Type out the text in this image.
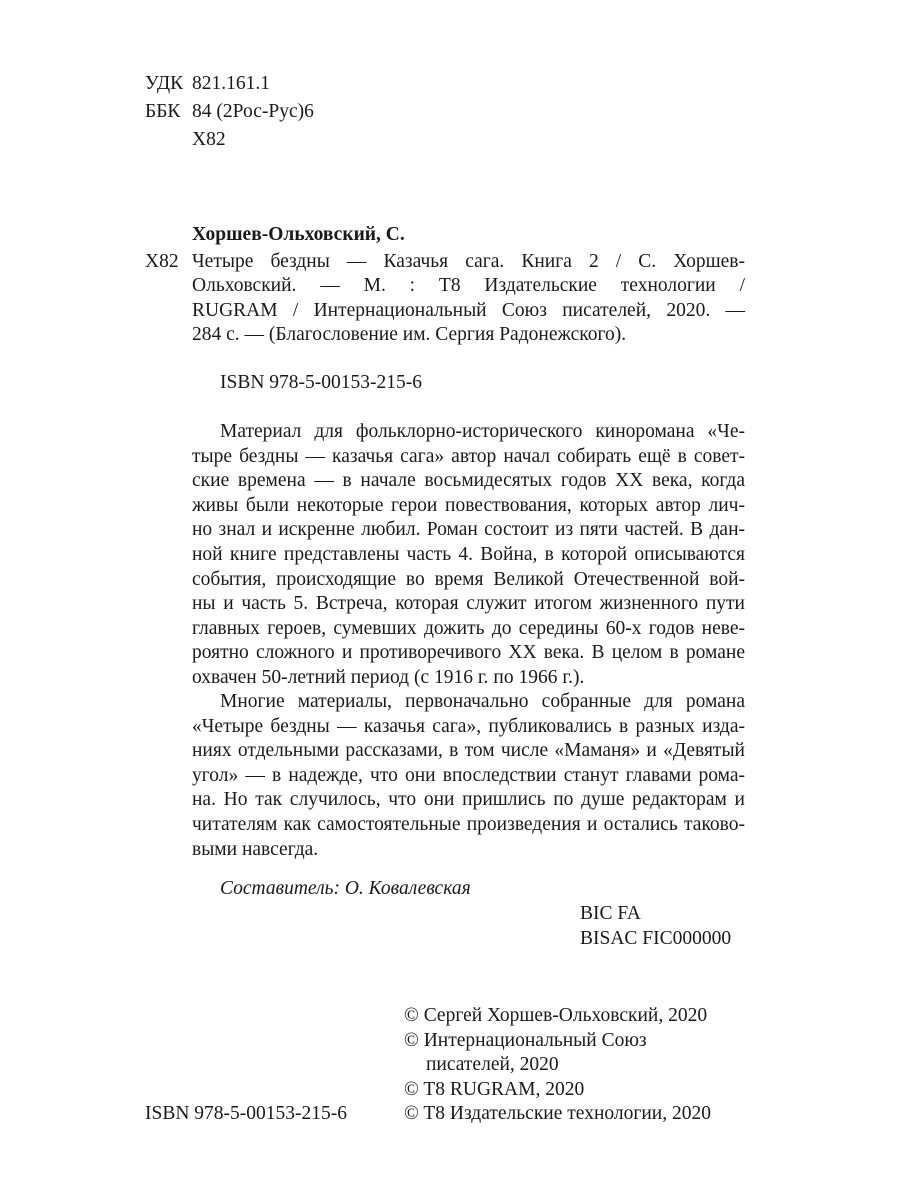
УДК 821.161.1
ББК 84 (2Рос-Рус)6
Х82
Хоршев-Ольховский, С.
Х82 Четыре бездны — Казачья сага. Книга 2 / С. Хоршев-
Ольховский. — М. : T8 Издательские технологии /
RUGRAM / Интернациональный Союз писателей, 2020. —
284 с. — (Благословение им. Сергия Радонежского).
ISBN 978-5-00153-215-6
Материал для фольклорно-исторического кинороманa «Че-
тыре бездны — казачья сага» автор начал собирать ещё в совет-
ские времена — в начале восьмидесятых годов XX века, когда
живы были некоторые герои повествования, которых автор лич-
но знал и искренне любил. Роман состоит из пяти частей. В дан-
ной книге представлены часть 4. Война, в которой описываются
события, происходящие во время Великой Отечественной вой-
ны и часть 5. Встреча, которая служит итогом жизненного пути
главных героев, сумевших дожить до середины 60-х годов неве-
роятно сложного и противоречивого XX века. В целом в романе
охвачен 50-летний период (с 1916 г. по 1966 г.).
Многие материалы, первоначально собранные для романа
«Четыре бездны — казачья сага», публиковались в разных изда-
ниях отдельными рассказами, в том числе «Маманя» и «Девятый
угол» — в надежде, что они впоследствии станут главами рома-
на. Но так случилось, что они пришлись по душе редакторам и
читателям как самостоятельные произведения и остались таково-
выми навсегда.
Составитель: О. Ковалевская
BIC FA
BISAC FIC000000
ISBN 978-5-00153-215-6
© Сергей Хоршев-Ольховский, 2020
© Интернациональный Союз
писателей, 2020
© T8 RUGRAM, 2020
© T8 Издательские технологии, 2020
